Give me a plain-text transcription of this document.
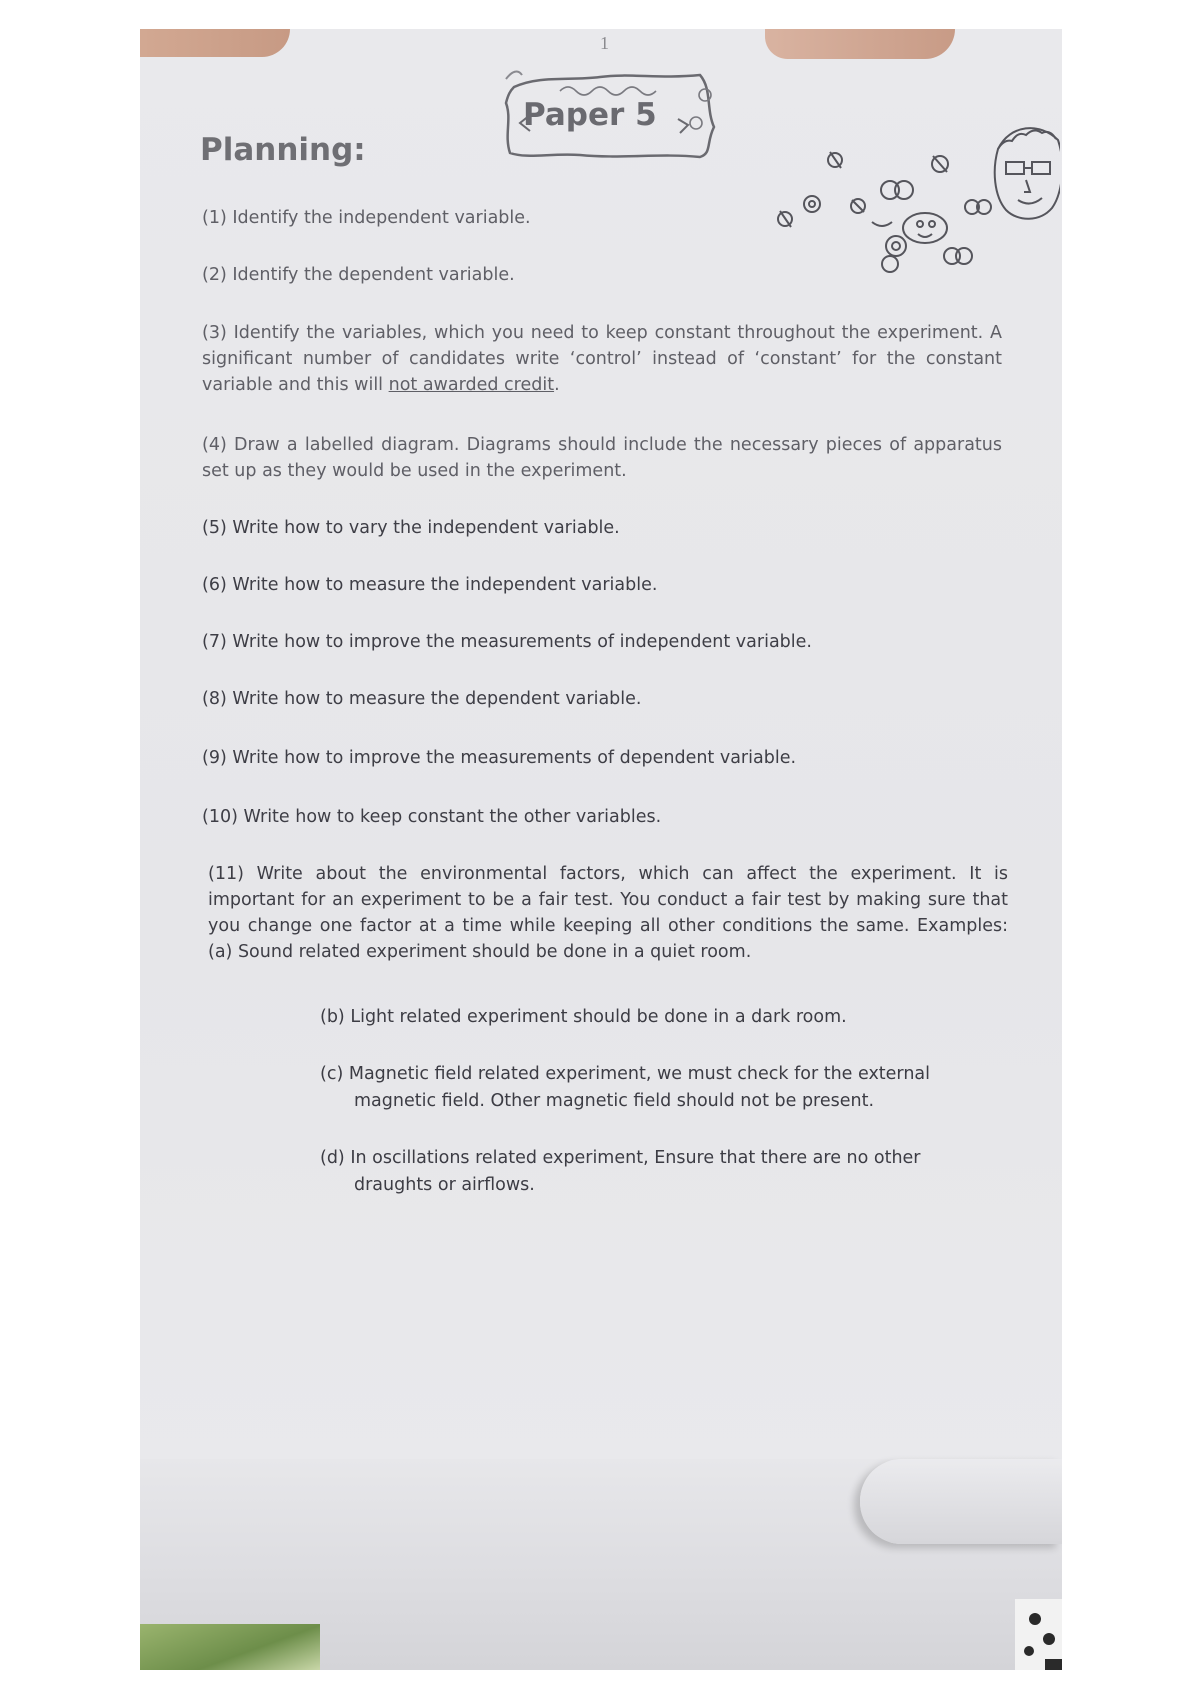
1
Paper 5
Planning:
(1) Identify the independent variable.
(2) Identify the dependent variable.
(3) Identify the variables, which you need to keep constant throughout the experiment. A significant number of candidates write ‘control’ instead of ‘constant’ for the constant variable and this will not awarded credit.
(4) Draw a labelled diagram. Diagrams should include the necessary pieces of apparatus set up as they would be used in the experiment.
(5) Write how to vary the independent variable.
(6) Write how to measure the independent variable.
(7) Write how to improve the measurements of independent variable.
(8) Write how to measure the dependent variable.
(9) Write how to improve the measurements of dependent variable.
(10) Write how to keep constant the other variables.
(11) Write about the environmental factors, which can affect the experiment. It is important for an experiment to be a fair test. You conduct a fair test by making sure that you change one factor at a time while keeping all other conditions the same. Examples: (a) Sound related experiment should be done in a quiet room.
(b) Light related experiment should be done in a dark room.
(c) Magnetic field related experiment, we must check for the external
magnetic field. Other magnetic field should not be present.
(d) In oscillations related experiment, Ensure that there are no other
draughts or airflows.
